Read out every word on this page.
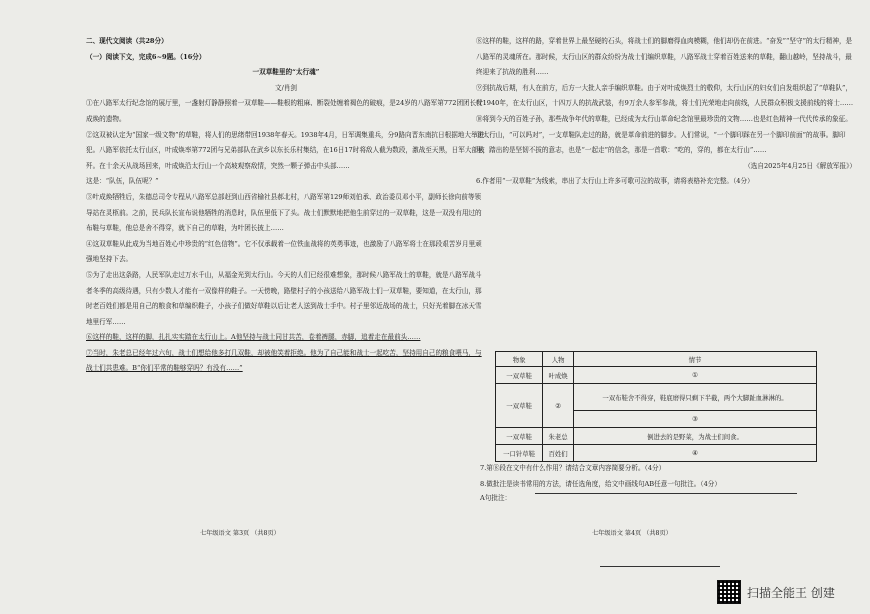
二、现代文阅读（共28分）

（一）阅读下文，完成6~9题。（16分）

一双草鞋里的“太行魂”

文/肖剑

①在八路军太行纪念馆的展厅里，一盏射灯静静照着一双草鞋——鞋根的粗麻、断裂处缠着褐色的破痕，是24岁的八路军第772团团长叶成焕的遗物。

②这双被认定为“国家一级文物”的草鞋，将人们的思绪带回1938年春天。1938年4月，日军调集重兵，分9路向晋东南抗日根据地大举进犯。八路军依托太行山区，叶成焕率第772团与兄弟部队在武乡以东长乐村集结，在16日17时将敌人截为数段，激战至天黑，日军大部被歼。在十余天从战场回来，叶成焕沿太行山一个高坡观察敌情，突然一颗子弹击中头部……

这是：“队伍，队伍呢？”

③叶成焕牺牲后，朱德总司令专程从八路军总部赶到山西省榆社县郝北村，八路军第129师刘伯承、政治委员邓小平，副师长徐向前等领导站在灵柩前。之前，民兵队长宣布说他牺牲的消息时，队伍里低下了头。战士们默默地把他生前穿过的一双草鞋，这是一双没有用过的布鞋与草鞋，他总是舍不得穿，就下自己的草鞋，为叶团长披上……

④这双草鞋从此成为当地百姓心中珍贵的“红色信物”。它不仅承载着一位铁血战将的英勇事迹，也激励了八路军将士在那段艰苦岁月里顽强地坚持下去。

⑤为了走出这条路，人民军队走过万水千山，从福金光到太行山。今天的人们已经很难想象，那时候八路军战士的草鞋，就是八路军战斗者冬季的高级待遇，只有少数人才能有一双像样的鞋子。一天傍晚，路壁村子的小孩送给八路军战士们一双草鞋，要知道，在太行山，那时老百姓们都是用自己的粮食和草编织鞋子，小孩子们做好草鞋以后让老人送到战士手中。村子里邻近战场的战士，只好光着脚在冰天雪地里行军……

⑥这样的鞋，这样的脚，扎扎实实踏在太行山上。A他坚持与战士同甘共苦，卷着裤腿，赤脚，追着走在最前头……

⑦当时，朱老总已经年过六旬，战士们想给他多打几双鞋，却被他笑着拒绝。他为了自己能和战士一起吃苦，坚持用自己的粮食喂马，与战士们共患难。B“你们平常的鞋够穿吗？有没有……”

七年级语文 第3页 （共8页）

⑧这样的鞋，这样的路，穿着世界上最坚硬的石头，将战士们的脚磨得血肉模糊，他们却仍在前进。“奋发”“坚守”的太行精神，是八路军的灵魂所在。那时候，太行山区的群众纷纷为战士们编织草鞋，八路军战士穿着百姓送来的草鞋，翻山越岭，坚持战斗，最终迎来了抗战的胜利……

⑨到抗战后期，有人在前方，后方一大批人亲手编织草鞋。由于对叶成焕烈士的敬仰，太行山区的妇女们自发组织起了“草鞋队”，仅1940年，在太行山区，十四万人的抗战武装，有9万余人参军参战，将士们光荣地走向前线，人民群众积极支援前线的将士……

⑩将到今天的百姓子孙，那些战争年代的草鞋，已经成为太行山革命纪念馆里最珍贵的文物……也是红色精神一代代传承的象征。

⑪太行山，“可以吗对”，一支草鞋队走过的路，就是革命前进的脚步。人们常说，“一个脚印踩在另一个脚印前面”的故事。脚印里，踏出的是坚韧不拔的意志，也是“一起走”的信念，那是一首歌：“吃的，穿的，都在太行山”……

（选自2025年4月25日《解放军报》）

6.作者用“一双草鞋”为线索，串出了太行山上许多可歌可泣的故事，请将表格补充完整。（4分）

物象	人物	情节
一双草鞋	叶成焕	①
一双草鞋	②	一双布鞋舍不得穿，鞋底磨得只剩下半截，两个大脚趾血淋淋的。
		③
一双草鞋	朱老总	倒进去的是野菜，为战士们间食。
一口针草鞋	百姓们	④
7.第⑧段在文中有什么作用？请结合文章内容简要分析。（4分）
8.做批注是读书常用的方法，请任选角度，给文中画线句AB任意一句批注。（4分）
A句批注：
七年级语文 第4页 （共8页）
扫描全能王 创建
